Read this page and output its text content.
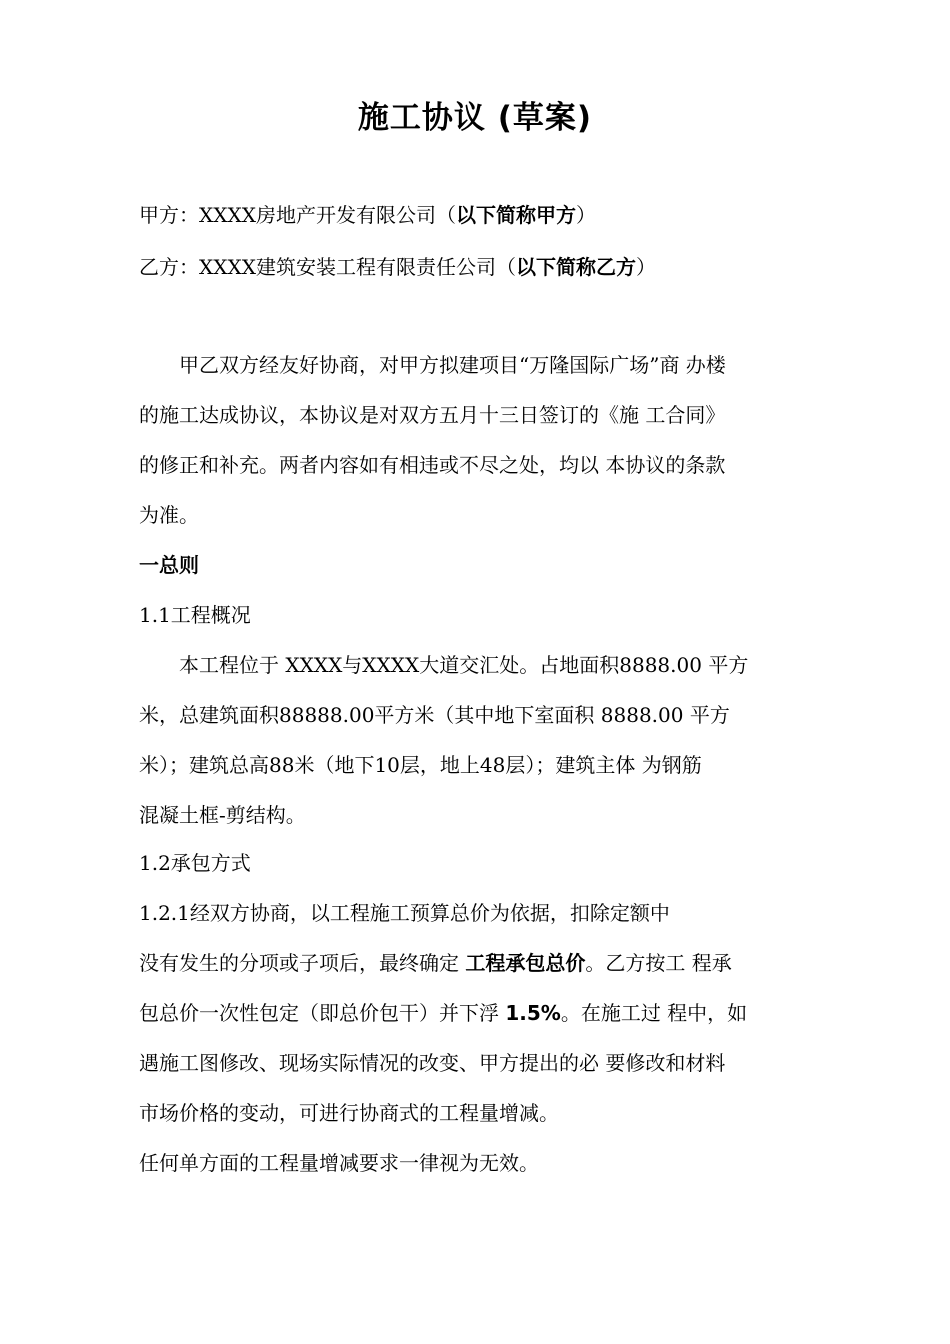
施工协议 (草案)
甲方：XXXX房地产开发有限公司（以下简称甲方）
乙方：XXXX建筑安装工程有限责任公司（以下简称乙方）
　　甲乙双方经友好协商，对甲方拟建项目“万隆国际广场”商 办楼
的施工达成协议，本协议是对双方五月十三日签订的《施 工合同》
的修正和补充。两者内容如有相违或不尽之处，均以 本协议的条款
为准。
一总则
1.1工程概况
　　本工程位于 XXXX与XXXX大道交汇处。占地面积8888.00 平方
米，总建筑面积88888.00平方米（其中地下室面积 8888.00 平方
米）；建筑总高88米（地下10层，地上48层）；建筑主体 为钢筋
混凝土框-剪结构。
1.2承包方式
1.2.1经双方协商，以工程施工预算总价为依据，扣除定额中
没有发生的分项或子项后，最终确定 工程承包总价。乙方按工 程承
包总价一次性包定（即总价包干）并下浮 1.5%。在施工过 程中，如
遇施工图修改、现场实际情况的改变、甲方提出的必 要修改和材料
市场价格的变动，可进行协商式的工程量增减。
任何单方面的工程量增减要求一律视为无效。
